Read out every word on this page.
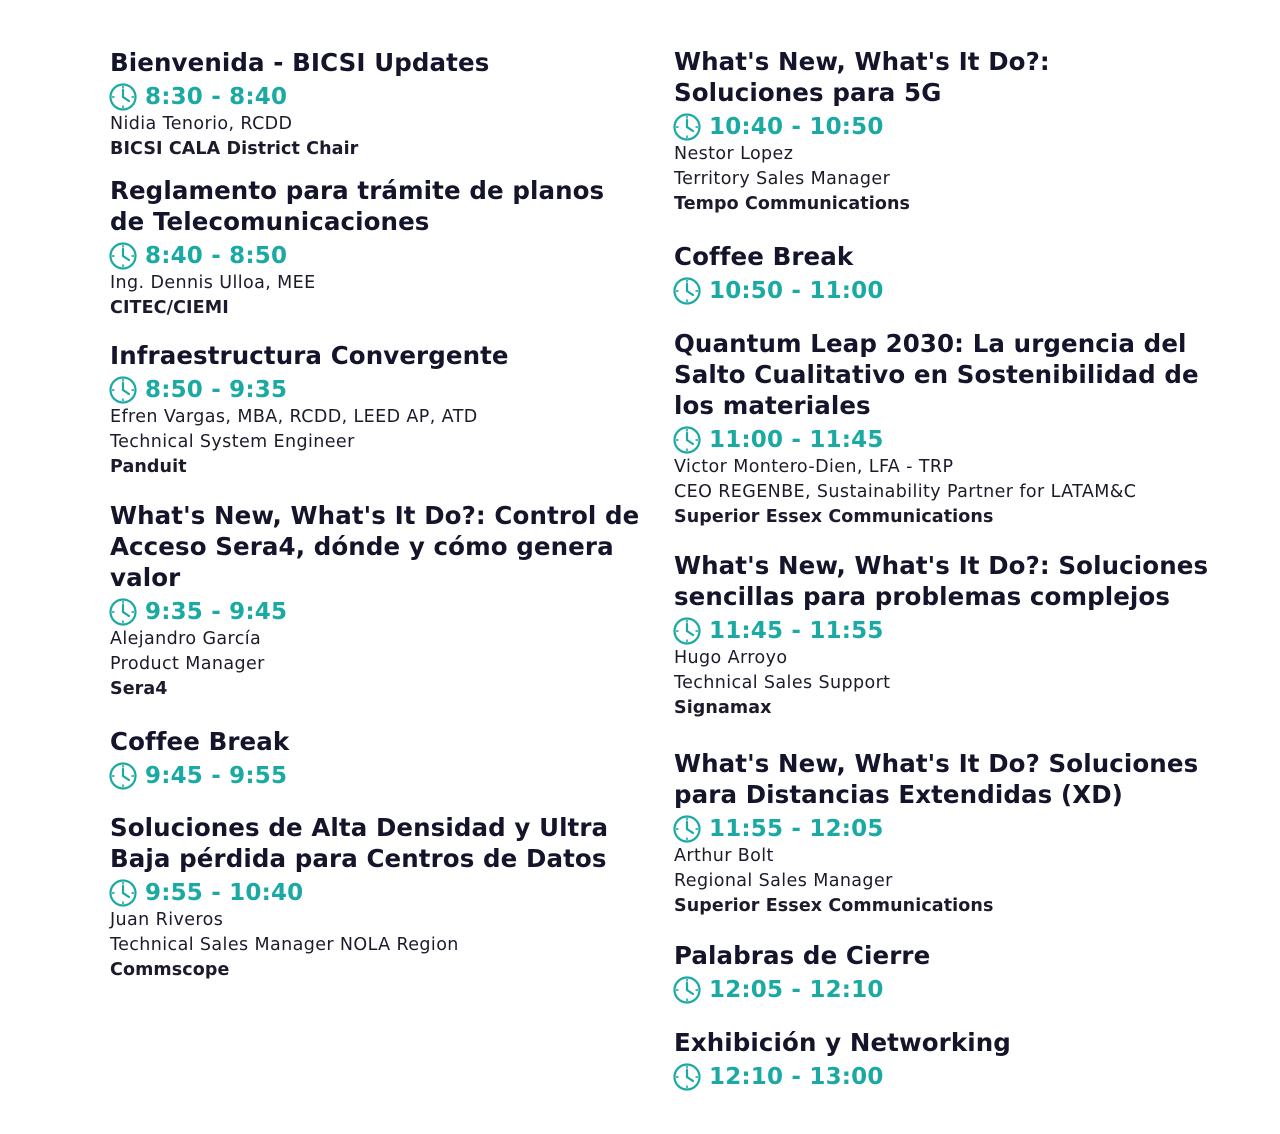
Bienvenida - BICSI Updates
8:30 - 8:40
Nidia Tenorio, RCDD
BICSI CALA District Chair
Reglamento para trámite de planos
de Telecomunicaciones
8:40 - 8:50
Ing. Dennis Ulloa, MEE
CITEC/CIEMI
Infraestructura Convergente
8:50 - 9:35
Efren Vargas, MBA, RCDD, LEED AP, ATD
Technical System Engineer
Panduit
What's New, What's It Do?: Control de
Acceso Sera4, dónde y cómo genera
valor
9:35 - 9:45
Alejandro García
Product Manager
Sera4
Coffee Break
9:45 - 9:55
Soluciones de Alta Densidad y Ultra
Baja pérdida para Centros de Datos
9:55 - 10:40
Juan Riveros
Technical Sales Manager NOLA Region
Commscope
What's New, What's It Do?:
Soluciones para 5G
10:40 - 10:50
Nestor Lopez
Territory Sales Manager
Tempo Communications
Coffee Break
10:50 - 11:00
Quantum Leap 2030: La urgencia del
Salto Cualitativo en Sostenibilidad de
los materiales
11:00 - 11:45
Victor Montero-Dien, LFA - TRP
CEO REGENBE, Sustainability Partner for LATAM&C
Superior Essex Communications
What's New, What's It Do?: Soluciones
sencillas para problemas complejos
11:45 - 11:55
Hugo Arroyo
Technical Sales Support
Signamax
What's New, What's It Do? Soluciones
para Distancias Extendidas (XD)
11:55 - 12:05
Arthur Bolt
Regional Sales Manager
Superior Essex Communications
Palabras de Cierre
12:05 - 12:10
Exhibición y Networking
12:10 - 13:00
